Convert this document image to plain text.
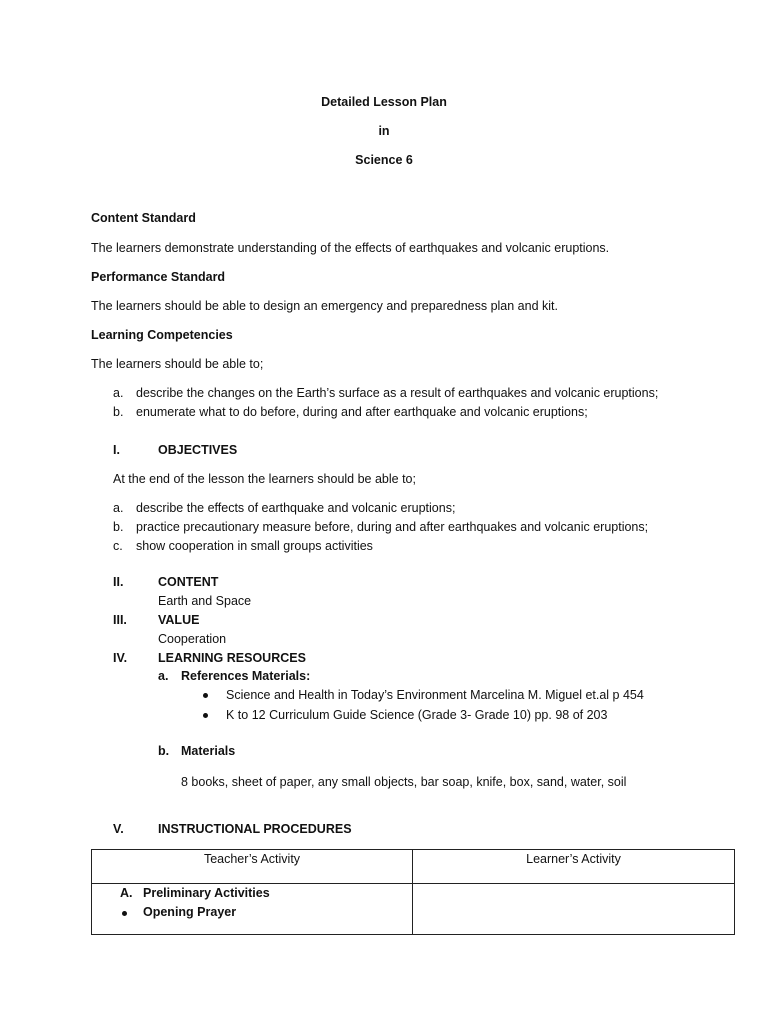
Detailed Lesson Plan
in
Science 6
Content Standard
The learners demonstrate understanding of the effects of earthquakes and volcanic eruptions.
Performance Standard
The learners should be able to design an emergency and preparedness plan and kit.
Learning Competencies
The learners should be able to;
a. describe the changes on the Earth’s surface as a result of earthquakes and volcanic eruptions;
b. enumerate what to do before, during and after earthquake and volcanic eruptions;
I.	OBJECTIVES
At the end of the lesson the learners should be able to;
a. describe the effects of earthquake and volcanic eruptions;
b. practice precautionary measure before, during and after earthquakes and volcanic eruptions;
c. show cooperation in small groups activities
II.	CONTENT
Earth and Space
III. VALUE
Cooperation
IV. LEARNING RESOURCES
a. References Materials:
Science and Health in Today’s Environment Marcelina M. Miguel et.al p 454
K to 12 Curriculum Guide Science (Grade 3- Grade 10) pp. 98 of 203
b. Materials
8 books, sheet of paper, any small objects, bar soap, knife, box, sand, water, soil
V.	INSTRUCTIONAL PROCEDURES
Teacher’s Activity	Learner’s Activity

A. Preliminary Activities
Opening Prayer	
